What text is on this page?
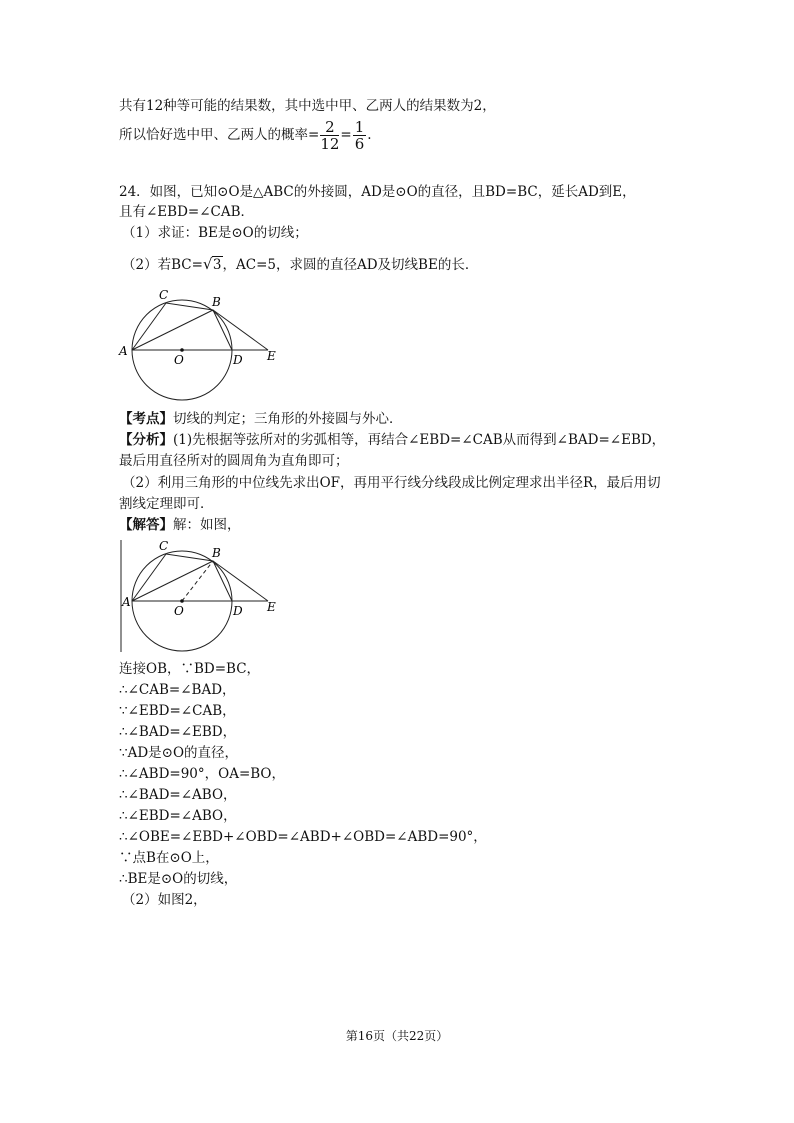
共有12种等可能的结果数，其中选中甲、乙两人的结果数为2，
所以恰好选中甲、乙两人的概率= $\frac{2}{12} = \frac{1}{6}$ .
24．如图，已知⊙O是△ABC的外接圆，AD是⊙O的直径，且BD=BC，延长AD到E，
且有∠EBD=∠CAB．
（1）求证：BE是⊙O的切线；
（2）若BC= √ 3，AC=5，求圆的直径AD及切线BE的长．
C	B
A
O	D E
【考点】切线的判定；三角形的外接圆与外心．
【分析】(1)先根据等弦所对的劣弧相等，再结合∠EBD=∠CAB从而得到∠BAD=∠EBD，
最后用直径所对的圆周角为直角即可；
（2）利用三角形的中位线先求出OF，再用平行线分线段成比例定理求出半径R，最后用切
割线定理即可．
【解答】解：如图，
C	B
A
O	D E
连接OB，∵BD=BC，
∴∠CAB=∠BAD，
∵∠EBD=∠CAB，
∴∠BAD=∠EBD，
∵AD是⊙O的直径，
∴∠ABD=90°，OA=BO，
∴∠BAD=∠ABO，
∴∠EBD=∠ABO，
∴∠OBE=∠EBD+∠OBD=∠ABD+∠OBD=∠ABD=90°，
∵点B在⊙O上，
∴BE是⊙O的切线，
（2）如图2，
第16页（共22页）
